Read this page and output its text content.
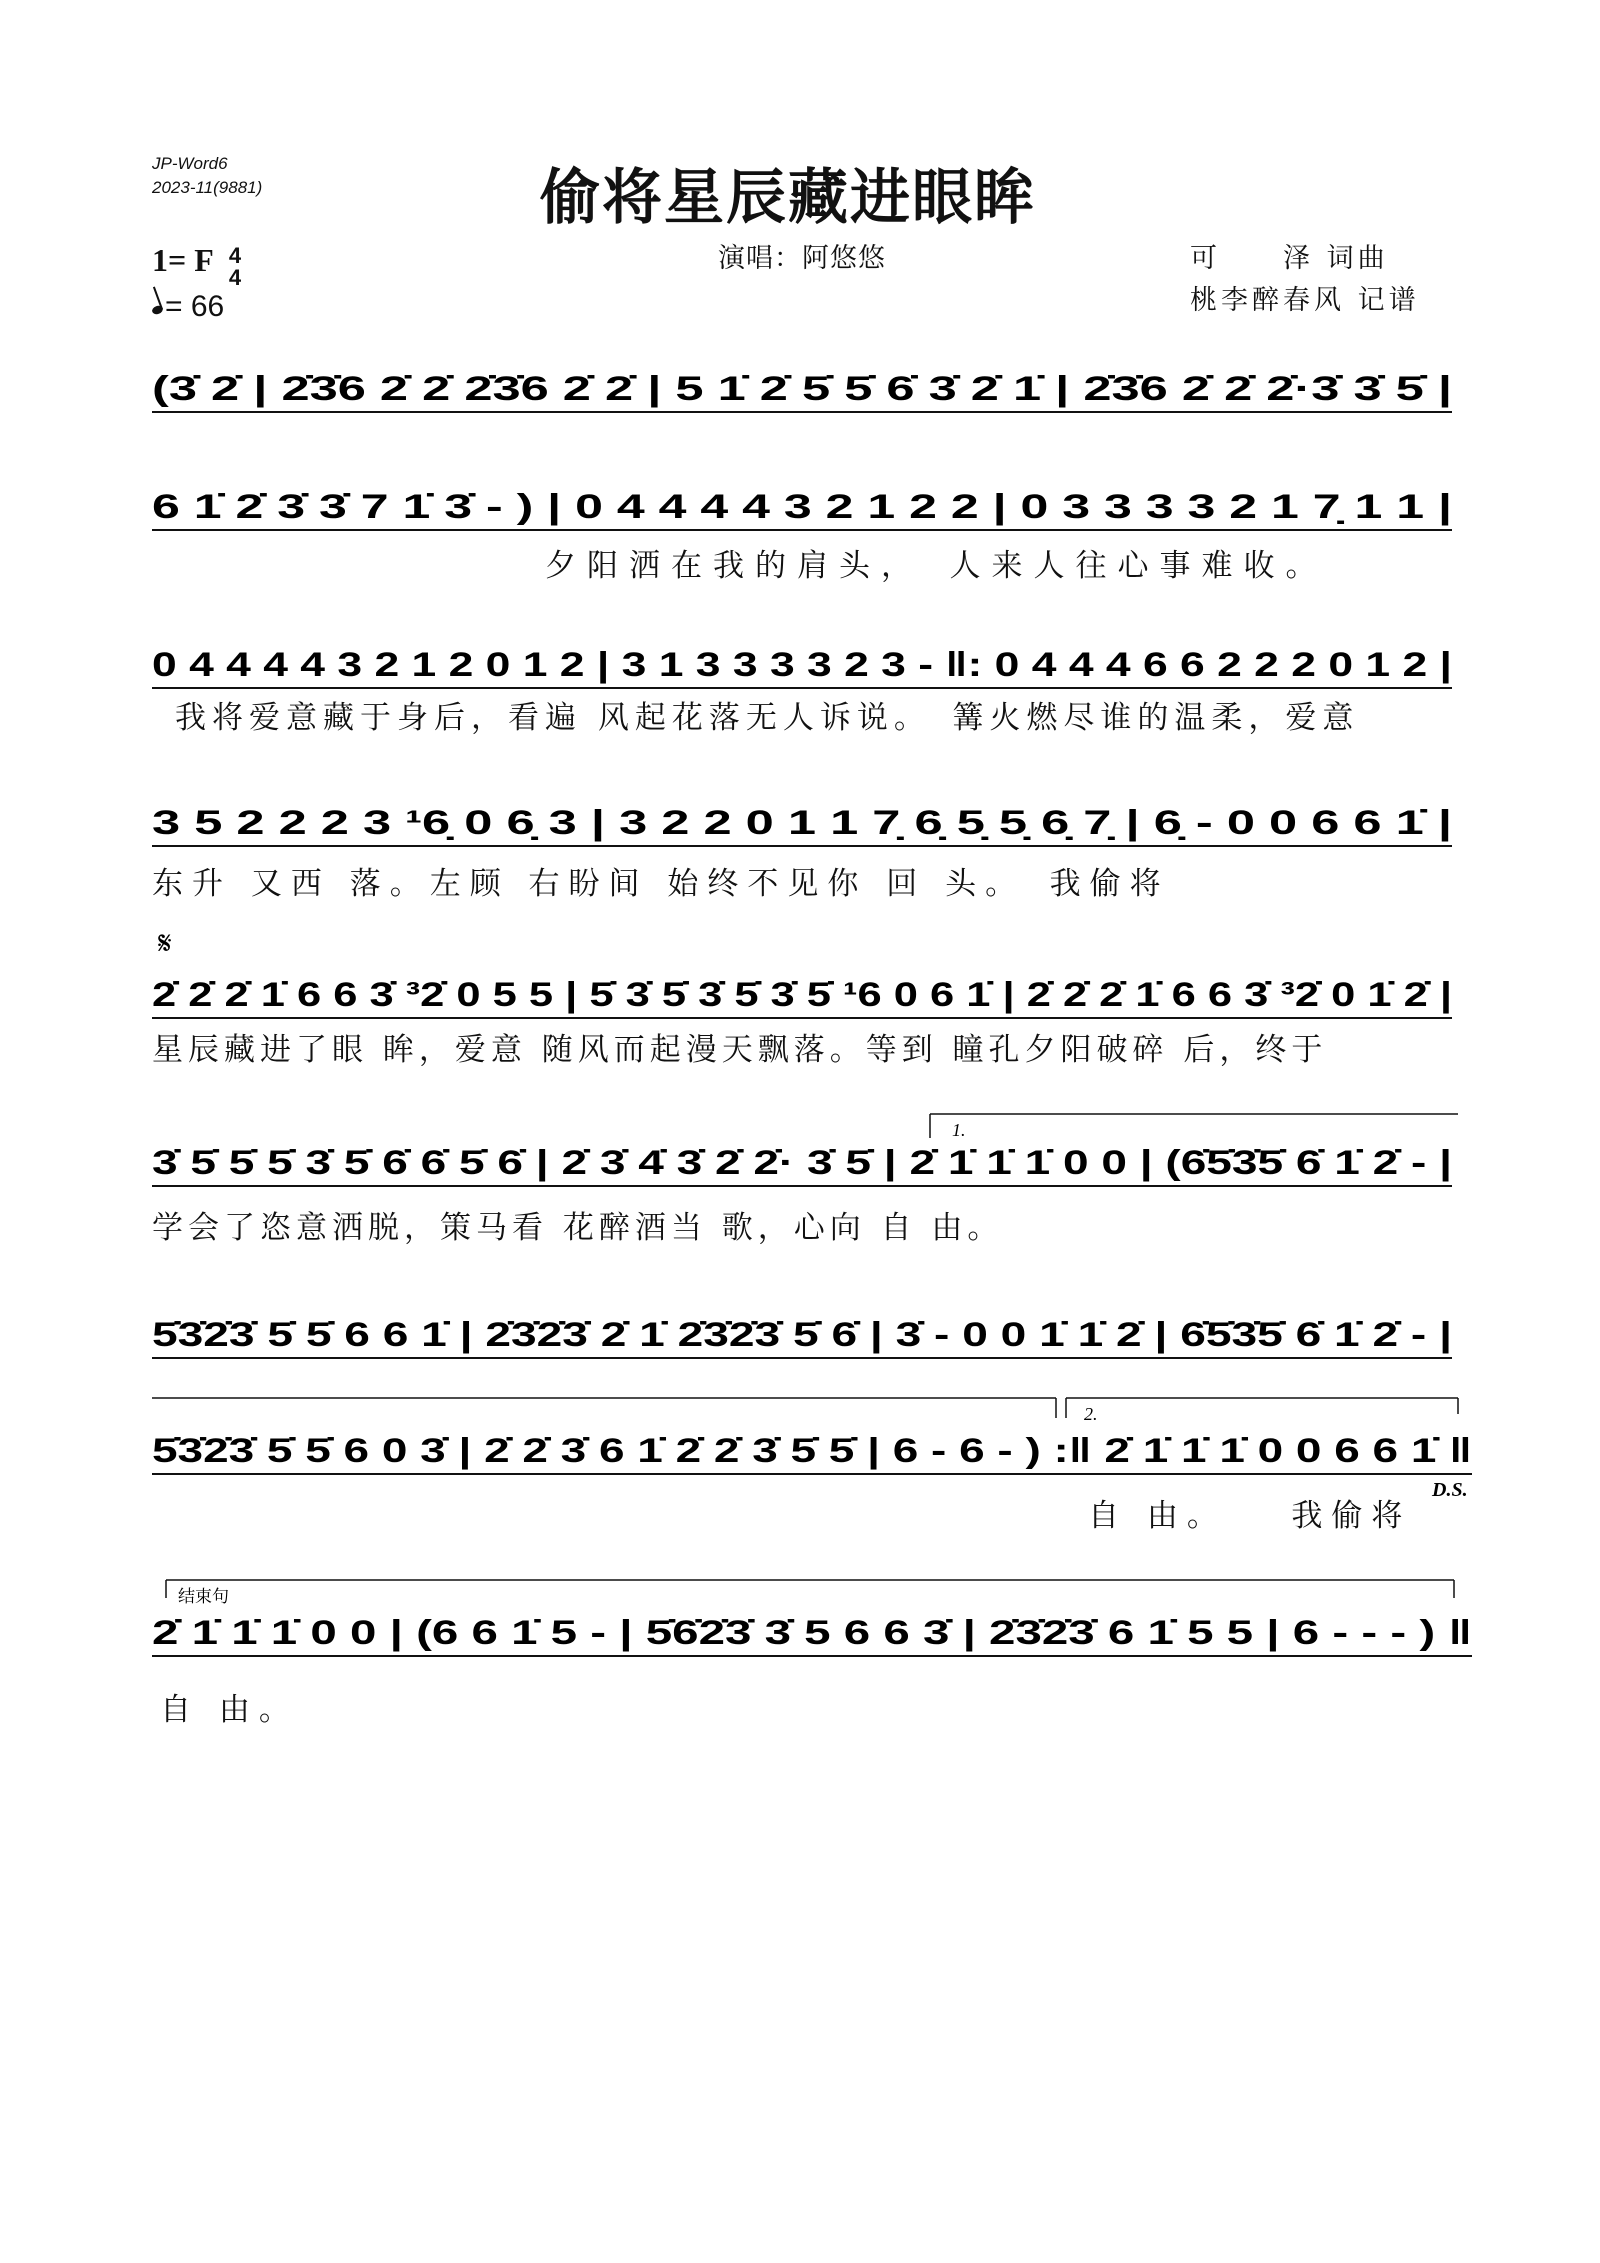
JP-Word6
2023-11(9881)	偷将星辰藏进眼眸
演唱：阿悠悠	可　　泽 词曲
桃李醉春风 记谱
1= F 4
4
= 66
(3̇ 2̇ | 2̇3̇6 2̇ 2̇ 2̇3̇6 2̇ 2̇ | 5 1̇ 2̇ 5̇ 5̇ 6̇ 3̇ 2̇ 1̇ | 2̇3̇6 2̇ 2̇ 2̇·3̇ 3̇ 5̇ |
6 1̇ 2̇ 3̇ 3̇ 7 1̇ 3̇ - ) | 0 4 4 4 4 3 2 1 2 2 | 0 3 3 3 3 2 1 7̣ 1 1 |
夕阳洒在我的肩头，　人来人往心事难收。
0 4 4 4 4 3 2 1 2 0 1 2 | 3 1 3 3 3 3 2 3 - ‖: 0 4 4 4 6 6 2 2 2 0 1 2 |
我将爱意藏于身后，看遍 风起花落无人诉说。　篝火燃尽谁的温柔，爱意
3 5 2 2 2 3 ¹6̣ 0 6̣ 3 | 3 2 2 0 1 1 7̣ 6̣ 5̣ 5̣ 6̣ 7̣ | 6̣ - 0 0 6 6 1̇ |
东升 又西 落。左顾 右盼间 始终不见你 回 头。　我偷将
𝄋
2̇ 2̇ 2̇ 1̇ 6 6 3̇ ³2̇ 0 5 5 | 5̇ 3̇ 5̇ 3̇ 5̇ 3̇ 5̇ ¹6 0 6 1̇ | 2̇ 2̇ 2̇ 1̇ 6 6 3̇ ³2̇ 0 1̇ 2̇ |
星辰藏进了眼 眸，爱意 随风而起漫天飘落。等到 瞳孔夕阳破碎 后，终于
1.
3̇ 5̇ 5̇ 5̇ 3̇ 5̇ 6̇ 6̇ 5̇ 6̇ | 2̇ 3̇ 4̇ 3̇ 2̇ 2̇· 3̇ 5̇ | 2̇ 1̇ 1̇ 1̇ 0 0 | (6̇5̇3̇5̇ 6̇ 1̇ 2̇ - |
学会了恣意洒脱，策马看 花醉酒当 歌，心向 自 由。
5̇3̇2̇3̇ 5̇ 5̇ 6 6 1̇ | 2̇3̇2̇3̇ 2̇ 1̇ 2̇3̇2̇3̇ 5̇ 6̇ | 3̇ - 0 0 1̇ 1̇ 2̇ | 6̇5̇3̇5̇ 6̇ 1̇ 2̇ - |
2.
5̇3̇2̇3̇ 5̇ 5̇ 6 0 3̇ | 2̇ 2̇ 3̇ 6 1̇ 2̇ 2̇ 3̇ 5̇ 5̇ | 6 - 6 - ) :‖ 2̇ 1̇ 1̇ 1̇ 0 0 6 6 1̇ ‖
D.S.
自 由。　　我偷将
结束句
2̇ 1̇ 1̇ 1̇ 0 0 | (6 6 1̇ 5 - | 5̇6̇2̇3̇ 3̇ 5 6 6 3̇ | 2̇3̇2̇3̇ 6 1̇ 5 5 | 6 - - - ) ‖
自 由。
